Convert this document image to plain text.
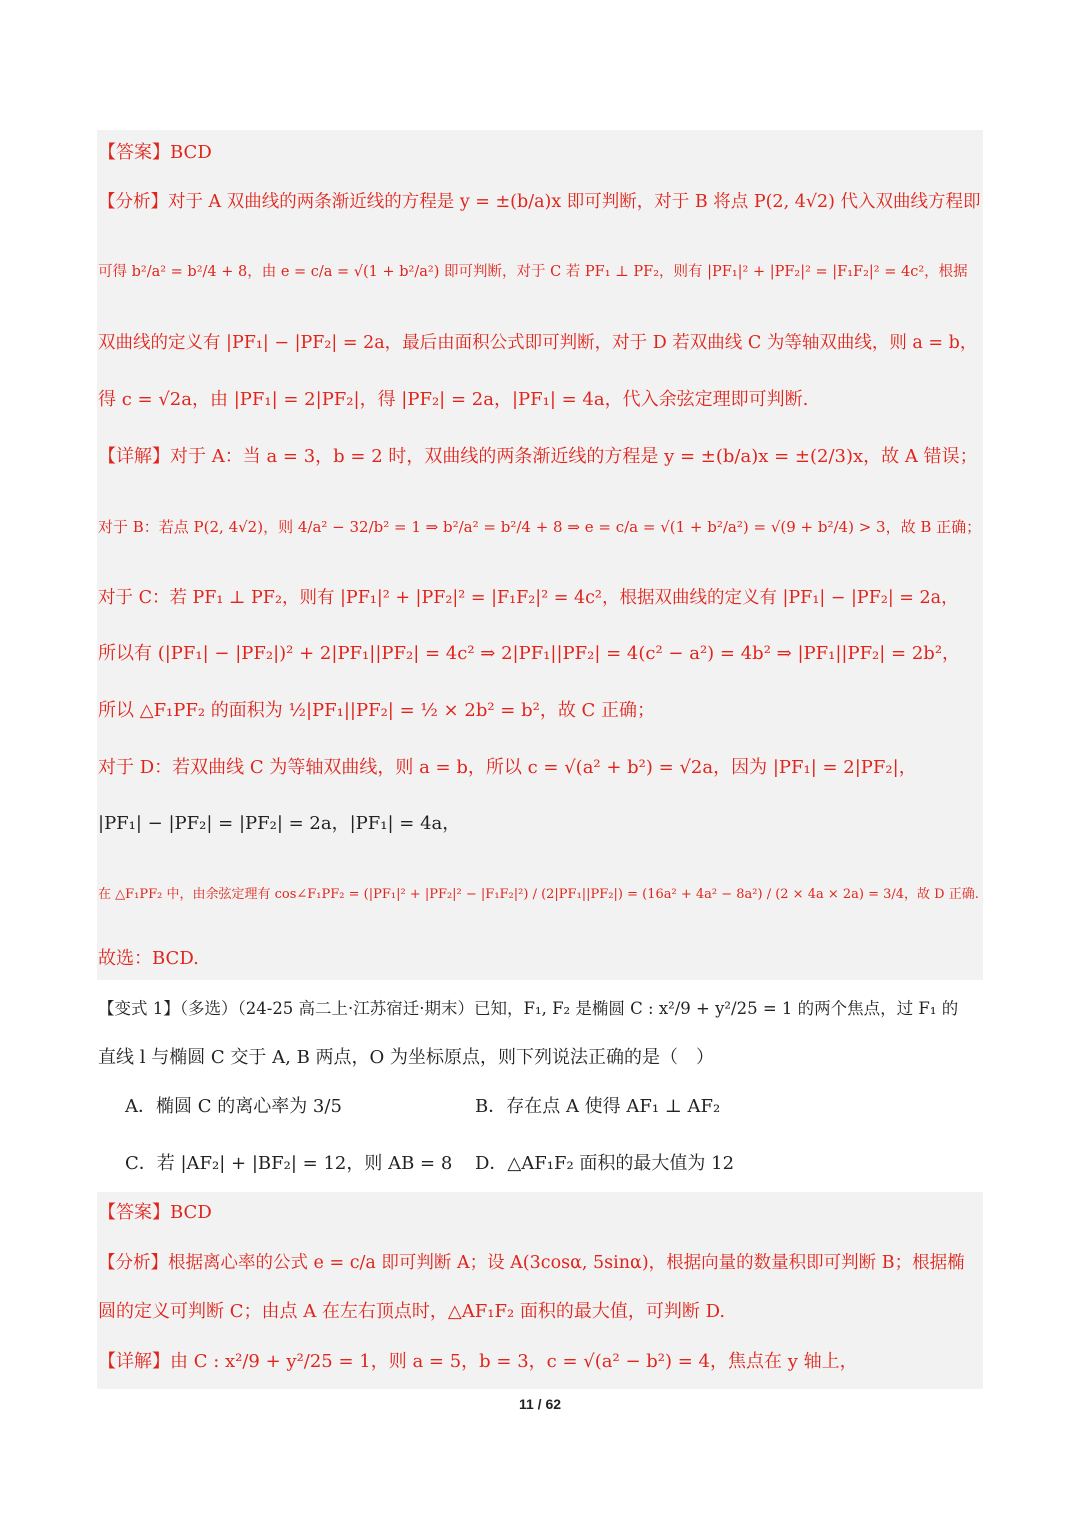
【答案】BCD
【分析】对于 A 双曲线的两条渐近线的方程是 y = ±(b/a)x 即可判断，对于 B 将点 P(2, 4√2) 代入双曲线方程即
可得 b²/a² = b²/4 + 8，由 e = c/a = √(1 + b²/a²) 即可判断，对于 C 若 PF₁ ⊥ PF₂，则有 |PF₁|² + |PF₂|² = |F₁F₂|² = 4c²，根据
双曲线的定义有 |PF₁| − |PF₂| = 2a，最后由面积公式即可判断，对于 D 若双曲线 C 为等轴双曲线，则 a = b，
得 c = √2a，由 |PF₁| = 2|PF₂|，得 |PF₂| = 2a，|PF₁| = 4a，代入余弦定理即可判断.
【详解】对于 A：当 a = 3，b = 2 时，双曲线的两条渐近线的方程是 y = ±(b/a)x = ±(2/3)x，故 A 错误；
对于 B：若点 P(2, 4√2)，则 4/a² − 32/b² = 1 ⇒ b²/a² = b²/4 + 8 ⇒ e = c/a = √(1 + b²/a²) = √(9 + b²/4) > 3，故 B 正确；
对于 C：若 PF₁ ⊥ PF₂，则有 |PF₁|² + |PF₂|² = |F₁F₂|² = 4c²，根据双曲线的定义有 |PF₁| − |PF₂| = 2a，
所以有 (|PF₁| − |PF₂|)² + 2|PF₁||PF₂| = 4c² ⇒ 2|PF₁||PF₂| = 4(c² − a²) = 4b² ⇒ |PF₁||PF₂| = 2b²，
所以 △F₁PF₂ 的面积为 ½|PF₁||PF₂| = ½ × 2b² = b²，故 C 正确；
对于 D：若双曲线 C 为等轴双曲线，则 a = b，所以 c = √(a² + b²) = √2a，因为 |PF₁| = 2|PF₂|，
|PF₁| − |PF₂| = |PF₂| = 2a，|PF₁| = 4a，
在 △F₁PF₂ 中，由余弦定理有 cos∠F₁PF₂ = (|PF₁|² + |PF₂|² − |F₁F₂|²) / (2|PF₁||PF₂|) = (16a² + 4a² − 8a²) / (2 × 4a × 2a) = 3/4，故 D 正确.
故选：BCD.
【变式 1】（多选）（24-25 高二上·江苏宿迁·期末）已知，F₁, F₂ 是椭圆 C : x²/9 + y²/25 = 1 的两个焦点，过 F₁ 的
直线 l 与椭圆 C 交于 A, B 两点，O 为坐标原点，则下列说法正确的是（　）
A．椭圆 C 的离心率为 3/5	B．存在点 A 使得 AF₁ ⊥ AF₂
C．若 |AF₂| + |BF₂| = 12，则 AB = 8 D．△AF₁F₂ 面积的最大值为 12
【答案】BCD
【分析】根据离心率的公式 e = c/a 即可判断 A；设 A(3cosα, 5sinα)，根据向量的数量积即可判断 B；根据椭
圆的定义可判断 C；由点 A 在左右顶点时，△AF₁F₂ 面积的最大值，可判断 D.
【详解】由 C : x²/9 + y²/25 = 1，则 a = 5，b = 3，c = √(a² − b²) = 4，焦点在 y 轴上，
11 / 62
